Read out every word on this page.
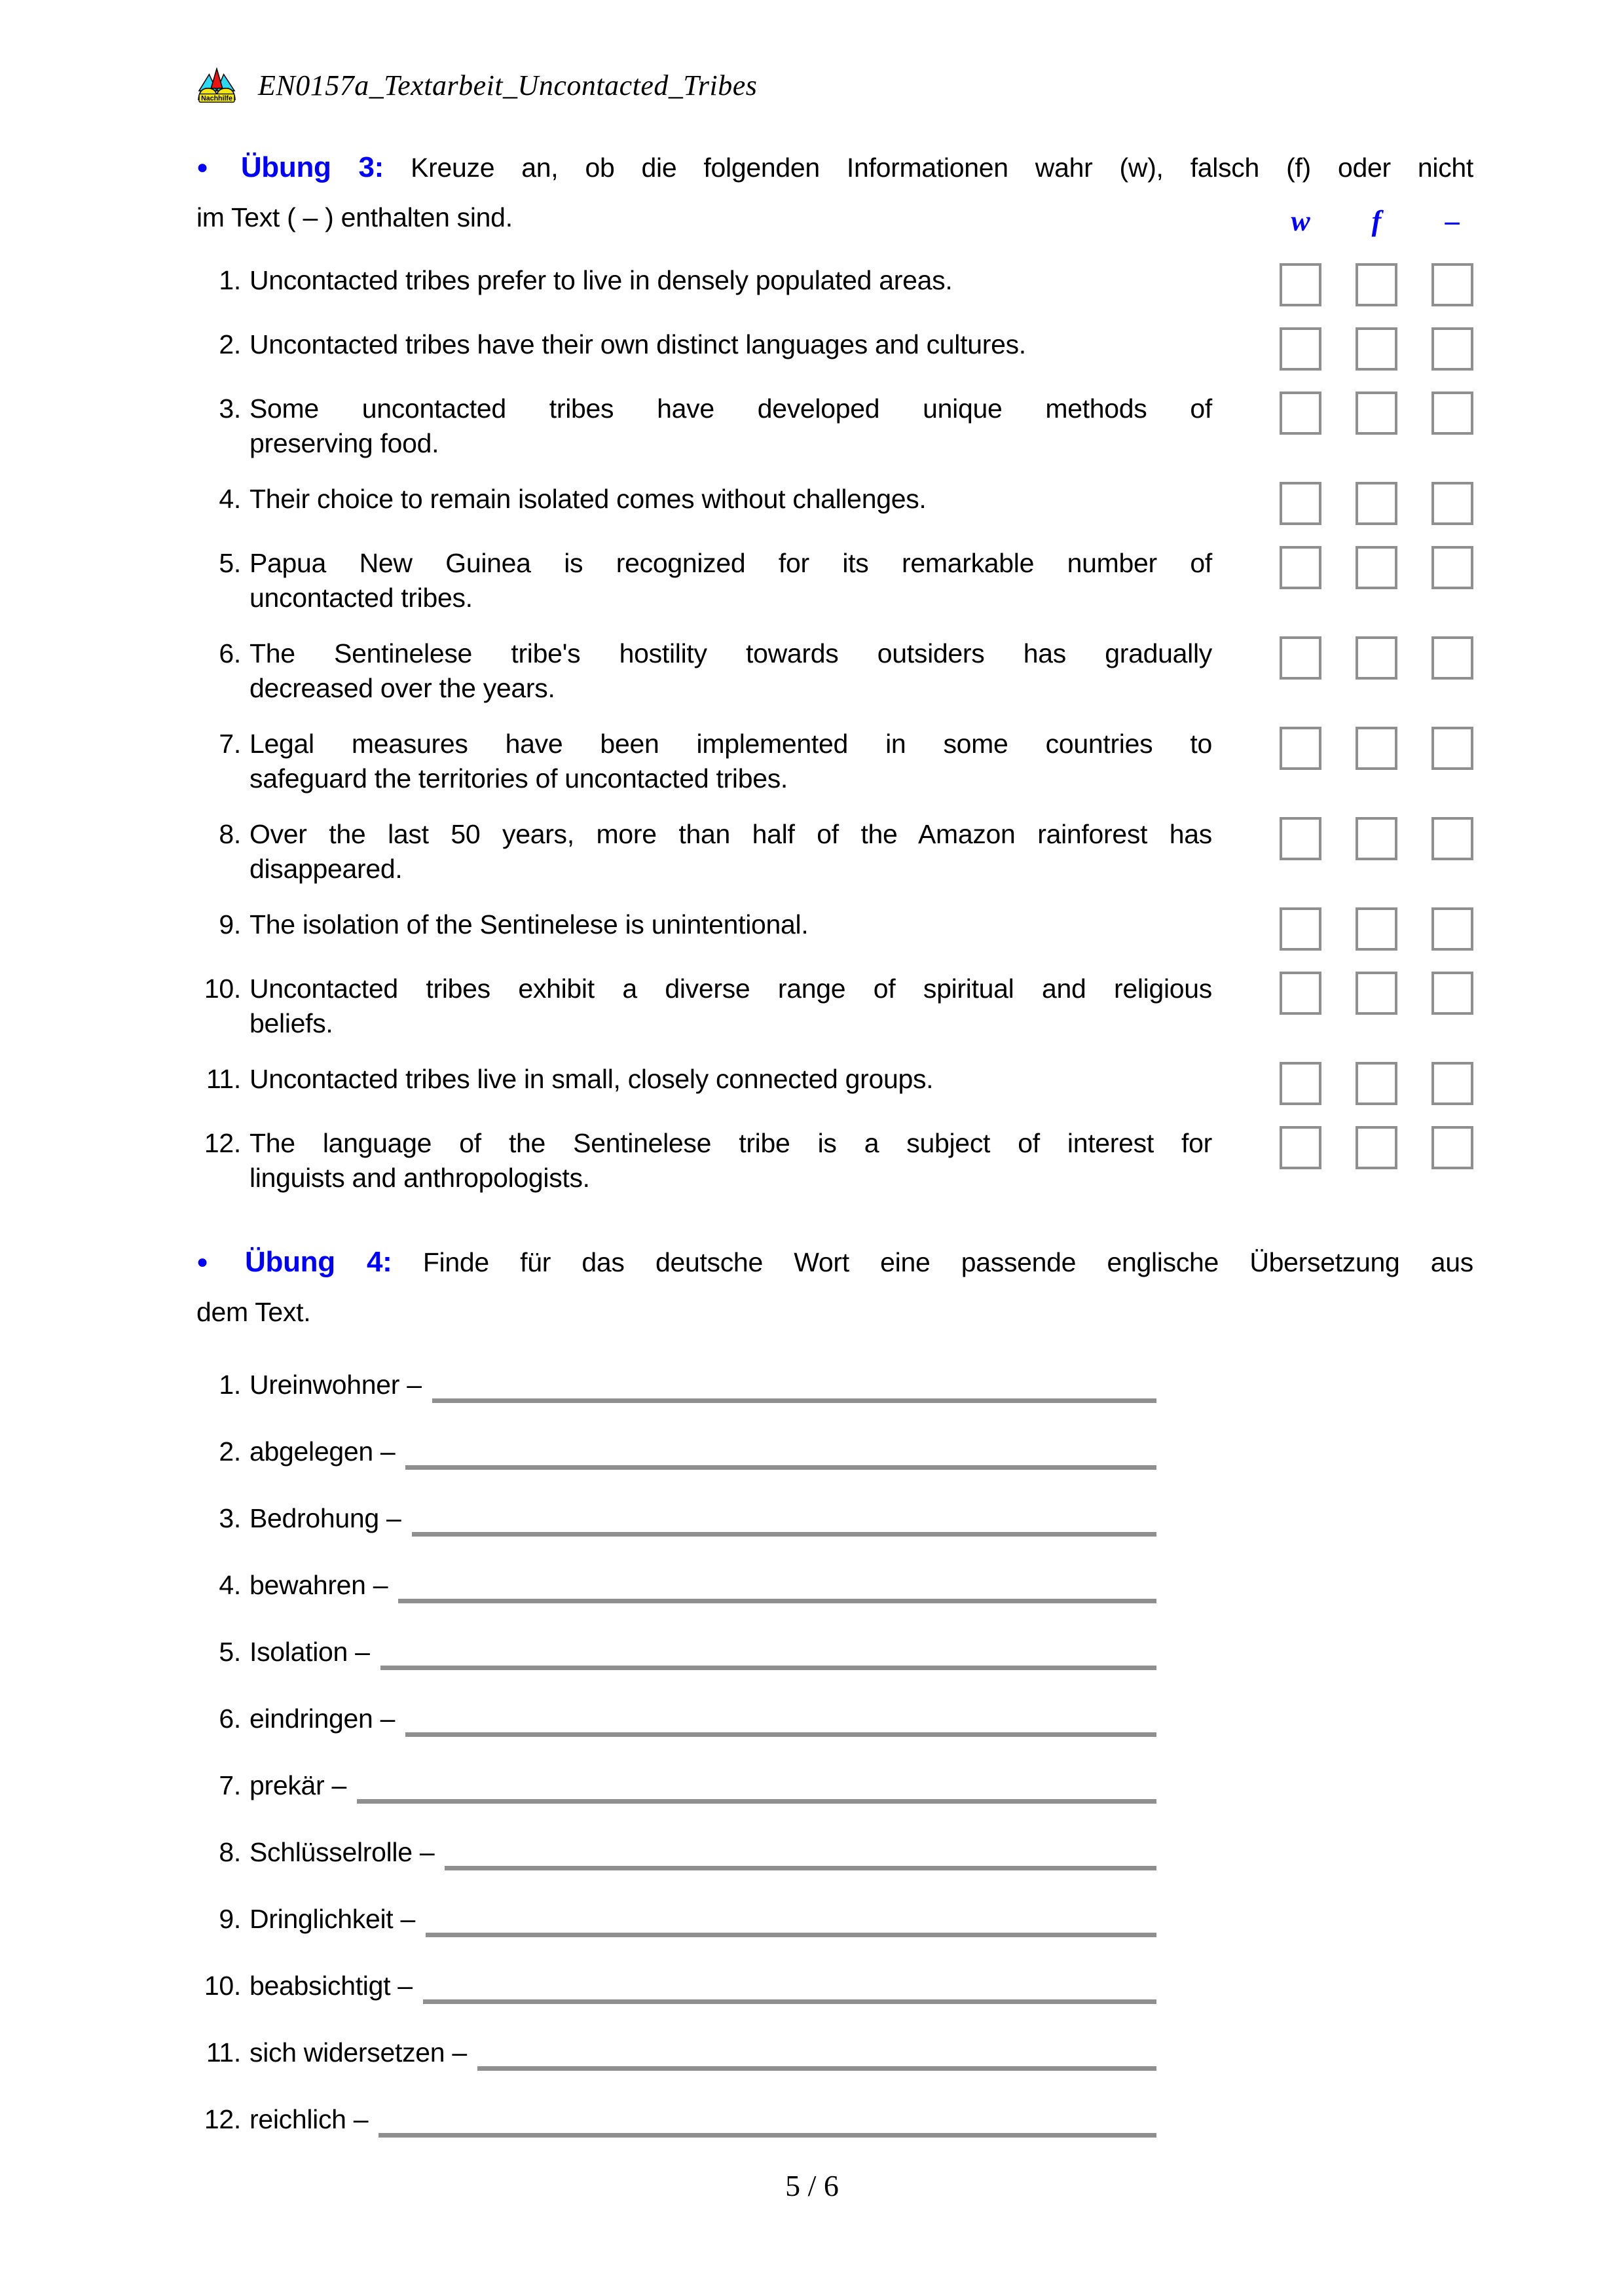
Nachhilfe EN0157a_Textarbeit_Uncontacted_Tribes
● Übung 3: Kreuze an, ob die folgenden Informationen wahr (w), falsch (f) oder nicht
im Text ( – ) enthalten sind.	w	f	–
1. Uncontacted tribes prefer to live in densely populated areas.
2. Uncontacted tribes have their own distinct languages and cultures.
3. Some uncontacted tribes have developed unique methods of
preserving food.
4. Their choice to remain isolated comes without challenges.
5. Papua New Guinea is recognized for its remarkable number of
uncontacted tribes.
6. The Sentinelese tribe's hostility towards outsiders has gradually
decreased over the years.
7. Legal measures have been implemented in some countries to
safeguard the territories of uncontacted tribes.
8. Over the last 50 years, more than half of the Amazon rainforest has
disappeared.
9. The isolation of the Sentinelese is unintentional.
10. Uncontacted tribes exhibit a diverse range of spiritual and religious
beliefs.
11. Uncontacted tribes live in small, closely connected groups.
12. The language of the Sentinelese tribe is a subject of interest for
linguists and anthropologists.
● Übung 4: Finde für das deutsche Wort eine passende englische Übersetzung aus
dem Text.
1. Ureinwohner –
2. abgelegen –
3. Bedrohung –
4. bewahren –
5. Isolation –
6. eindringen –
7. prekär –
8. Schlüsselrolle –
9. Dringlichkeit –
10. beabsichtigt –
11. sich widersetzen –
12. reichlich –
5 / 6
